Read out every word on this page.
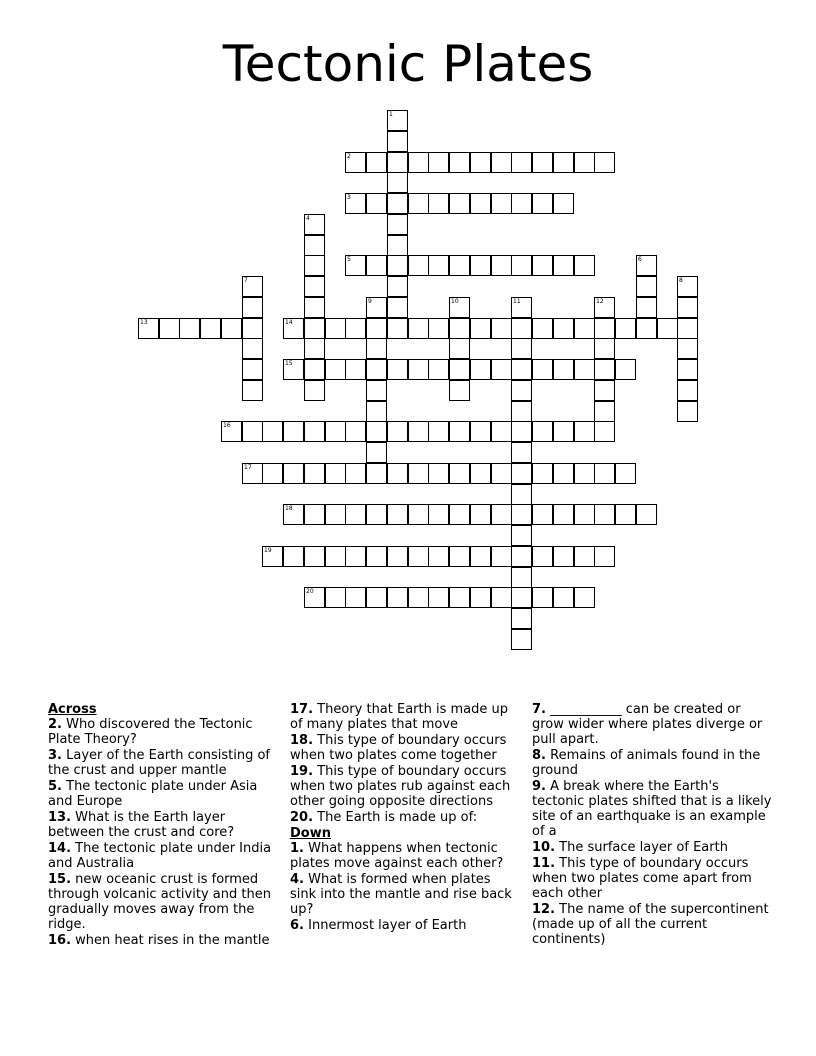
Tectonic Plates
1
2
3
4
5	6
7	8
9	10	11	12
13	14
15
16
17
18
19
20
Across
2. Who discovered the Tectonic Plate Theory?
3. Layer of the Earth consisting of the crust and upper mantle
5. The tectonic plate under Asia and Europe
13. What is the Earth layer between the crust and core?
14. The tectonic plate under India and Australia
15. new oceanic crust is formed through volcanic activity and then gradually moves away from the ridge.
16. when heat rises in the mantle
17. Theory that Earth is made up of many plates that move
18. This type of boundary occurs when two plates come together
19. This type of boundary occurs when two plates rub against each other going opposite directions
20. The Earth is made up of:
Down
1. What happens when tectonic plates move against each other?
4. What is formed when plates sink into the mantle and rise back up?
6. Innermost layer of Earth
7. ___________ can be created or grow wider where plates diverge or pull apart.
8. Remains of animals found in the ground
9. A break where the Earth's tectonic plates shifted that is a likely site of an earthquake is an example of a
10. The surface layer of Earth
11. This type of boundary occurs when two plates come apart from each other
12. The name of the supercontinent (made up of all the current continents)
